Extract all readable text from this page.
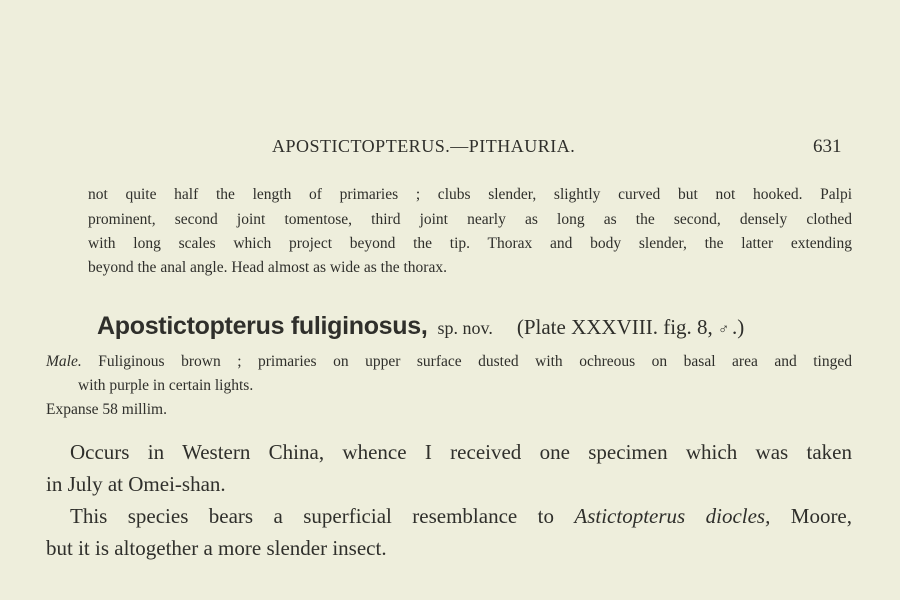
APOSTICTOPTERUS.—PITHAURIA.	631
not quite half the length of primaries ; clubs slender, slightly curved but not hooked. Palpi
prominent, second joint tomentose, third joint nearly as long as the second, densely clothed
with long scales which project beyond the tip. Thorax and body slender, the latter extending
beyond the anal angle. Head almost as wide as the thorax.
Apostictopterus fuliginosus, sp. nov. (Plate XXXVIII. fig. 8, ♂ .)
Male. Fuliginous brown ; primaries on upper surface dusted with ochreous on basal area and tinged
with purple in certain lights.
Expanse 58 millim.
Occurs in Western China, whence I received one specimen which was taken
in July at Omei-shan.
This species bears a superficial resemblance to Astictopterus diocles, Moore,
but it is altogether a more slender insect.
